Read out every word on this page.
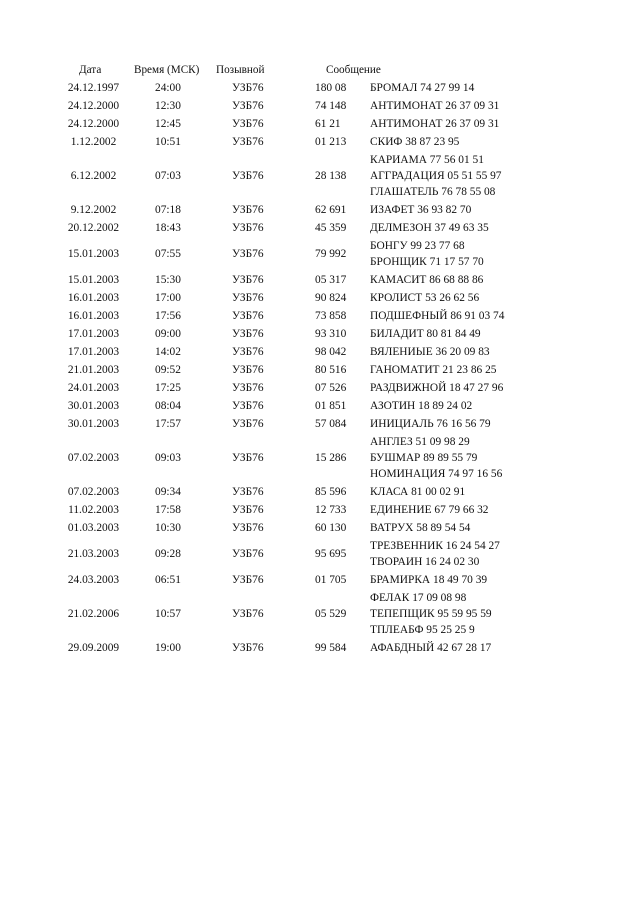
Дата	Время (МСК)	Позывной	Сообщение	
24.12.1997	24:00	УЗБ76	180 08	БРОМАЛ 74 27 99 14

24.12.2000	12:30	УЗБ76	74 148	АНТИМОНАТ 26 37 09 31

24.12.2000	12:45	УЗБ76	61 21	АНТИМОНАТ 26 37 09 31

1.12.2002	10:51	УЗБ76	01 213	СКИФ 38 87 23 95

6.12.2002	07:03	УЗБ76	28 138	КАРИАМА 77 56 01 51
АГГРАДАЦИЯ 05 51 55 97
ГЛАШАТЕЛЬ 76 78 55 08

9.12.2002	07:18	УЗБ76	62 691	ИЗАФЕТ 36 93 82 70

20.12.2002	18:43	УЗБ76	45 359	ДЕЛМЕЗОН 37 49 63 35

15.01.2003	07:55	УЗБ76	79 992	БОНГУ 99 23 77 68
БРОНЩИК 71 17 57 70

15.01.2003	15:30	УЗБ76	05 317	КАМАСИТ 86 68 88 86

16.01.2003	17:00	УЗБ76	90 824	КРОЛИСТ 53 26 62 56

16.01.2003	17:56	УЗБ76	73 858	ПОДШЕФНЫЙ 86 91 03 74

17.01.2003	09:00	УЗБ76	93 310	БИЛАДИТ 80 81 84 49

17.01.2003	14:02	УЗБ76	98 042	ВЯЛЕНИЫЕ 36 20 09 83

21.01.2003	09:52	УЗБ76	80 516	ГАНОМАТИТ 21 23 86 25

24.01.2003	17:25	УЗБ76	07 526	РАЗДВИЖНОЙ 18 47 27 96

30.01.2003	08:04	УЗБ76	01 851	АЗОТИН 18 89 24 02

30.01.2003	17:57	УЗБ76	57 084	ИНИЦИАЛЬ 76 16 56 79

07.02.2003	09:03	УЗБ76	15 286	АНГЛЕЗ 51 09 98 29
БУШМАР 89 89 55 79
НОМИНАЦИЯ 74 97 16 56

07.02.2003	09:34	УЗБ76	85 596	КЛАСА 81 00 02 91

11.02.2003	17:58	УЗБ76	12 733	ЕДИНЕНИЕ 67 79 66 32

01.03.2003	10:30	УЗБ76	60 130	ВАТРУХ 58 89 54 54

21.03.2003	09:28	УЗБ76	95 695	ТРЕЗВЕННИК 16 24 54 27
ТВОРАИН 16 24 02 30

24.03.2003	06:51	УЗБ76	01 705	БРАМИРКА 18 49 70 39

21.02.2006	10:57	УЗБ76	05 529	ФЕЛАК 17 09 08 98
ТЕПЕПЩИК 95 59 95 59
ТПЛЕАБФ 95 25 25 9

29.09.2009	19:00	УЗБ76	99 584	АФАБДНЫЙ 42 67 28 17
